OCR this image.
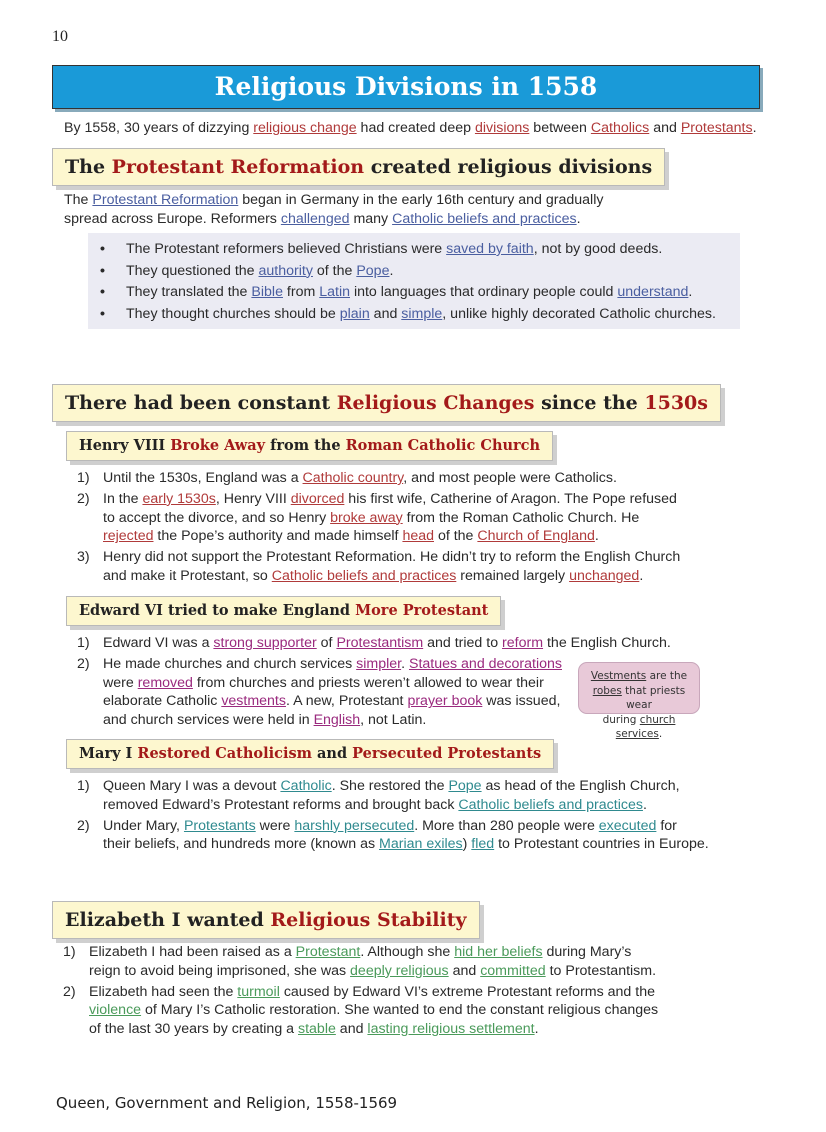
10
Religious Divisions in 1558
By 1558, 30 years of dizzying religious change had created deep divisions between Catholics and Protestants.
The Protestant Reformation created religious divisions
The Protestant Reformation began in Germany in the early 16th century and gradually
spread across Europe. Reformers challenged many Catholic beliefs and practices.
• The Protestant reformers believed Christians were saved by faith, not by good deeds.
• They questioned the authority of the Pope.
• They translated the Bible from Latin into languages that ordinary people could understand.
• They thought churches should be plain and simple, unlike highly decorated Catholic churches.
There had been constant Religious Changes since the 1530s
Henry VIII Broke Away from the Roman Catholic Church
1) Until the 1530s, England was a Catholic country, and most people were Catholics.
2) In the early 1530s, Henry VIII divorced his first wife, Catherine of Aragon. The Pope refused
to accept the divorce, and so Henry broke away from the Roman Catholic Church. He
rejected the Pope’s authority and made himself head of the Church of England.
3) Henry did not support the Protestant Reformation. He didn’t try to reform the English Church
and make it Protestant, so Catholic beliefs and practices remained largely unchanged.
Edward VI tried to make England More Protestant
1) Edward VI was a strong supporter of Protestantism and tried to reform the English Church.
2) He made churches and church services simpler. Statues and decorations
were removed from churches and priests weren’t allowed to wear their
elaborate Catholic vestments. A new, Protestant prayer book was issued,
and church services were held in English, not Latin.
Vestments are the
robes that priests wear
during church services.
Mary I Restored Catholicism and Persecuted Protestants
1) Queen Mary I was a devout Catholic. She restored the Pope as head of the English Church,
removed Edward’s Protestant reforms and brought back Catholic beliefs and practices.
2) Under Mary, Protestants were harshly persecuted. More than 280 people were executed for
their beliefs, and hundreds more (known as Marian exiles) fled to Protestant countries in Europe.
Elizabeth I wanted Religious Stability
1) Elizabeth I had been raised as a Protestant. Although she hid her beliefs during Mary’s
reign to avoid being imprisoned, she was deeply religious and committed to Protestantism.
2) Elizabeth had seen the turmoil caused by Edward VI’s extreme Protestant reforms and the
violence of Mary I’s Catholic restoration. She wanted to end the constant religious changes
of the last 30 years by creating a stable and lasting religious settlement.
Queen, Government and Religion, 1558-1569
